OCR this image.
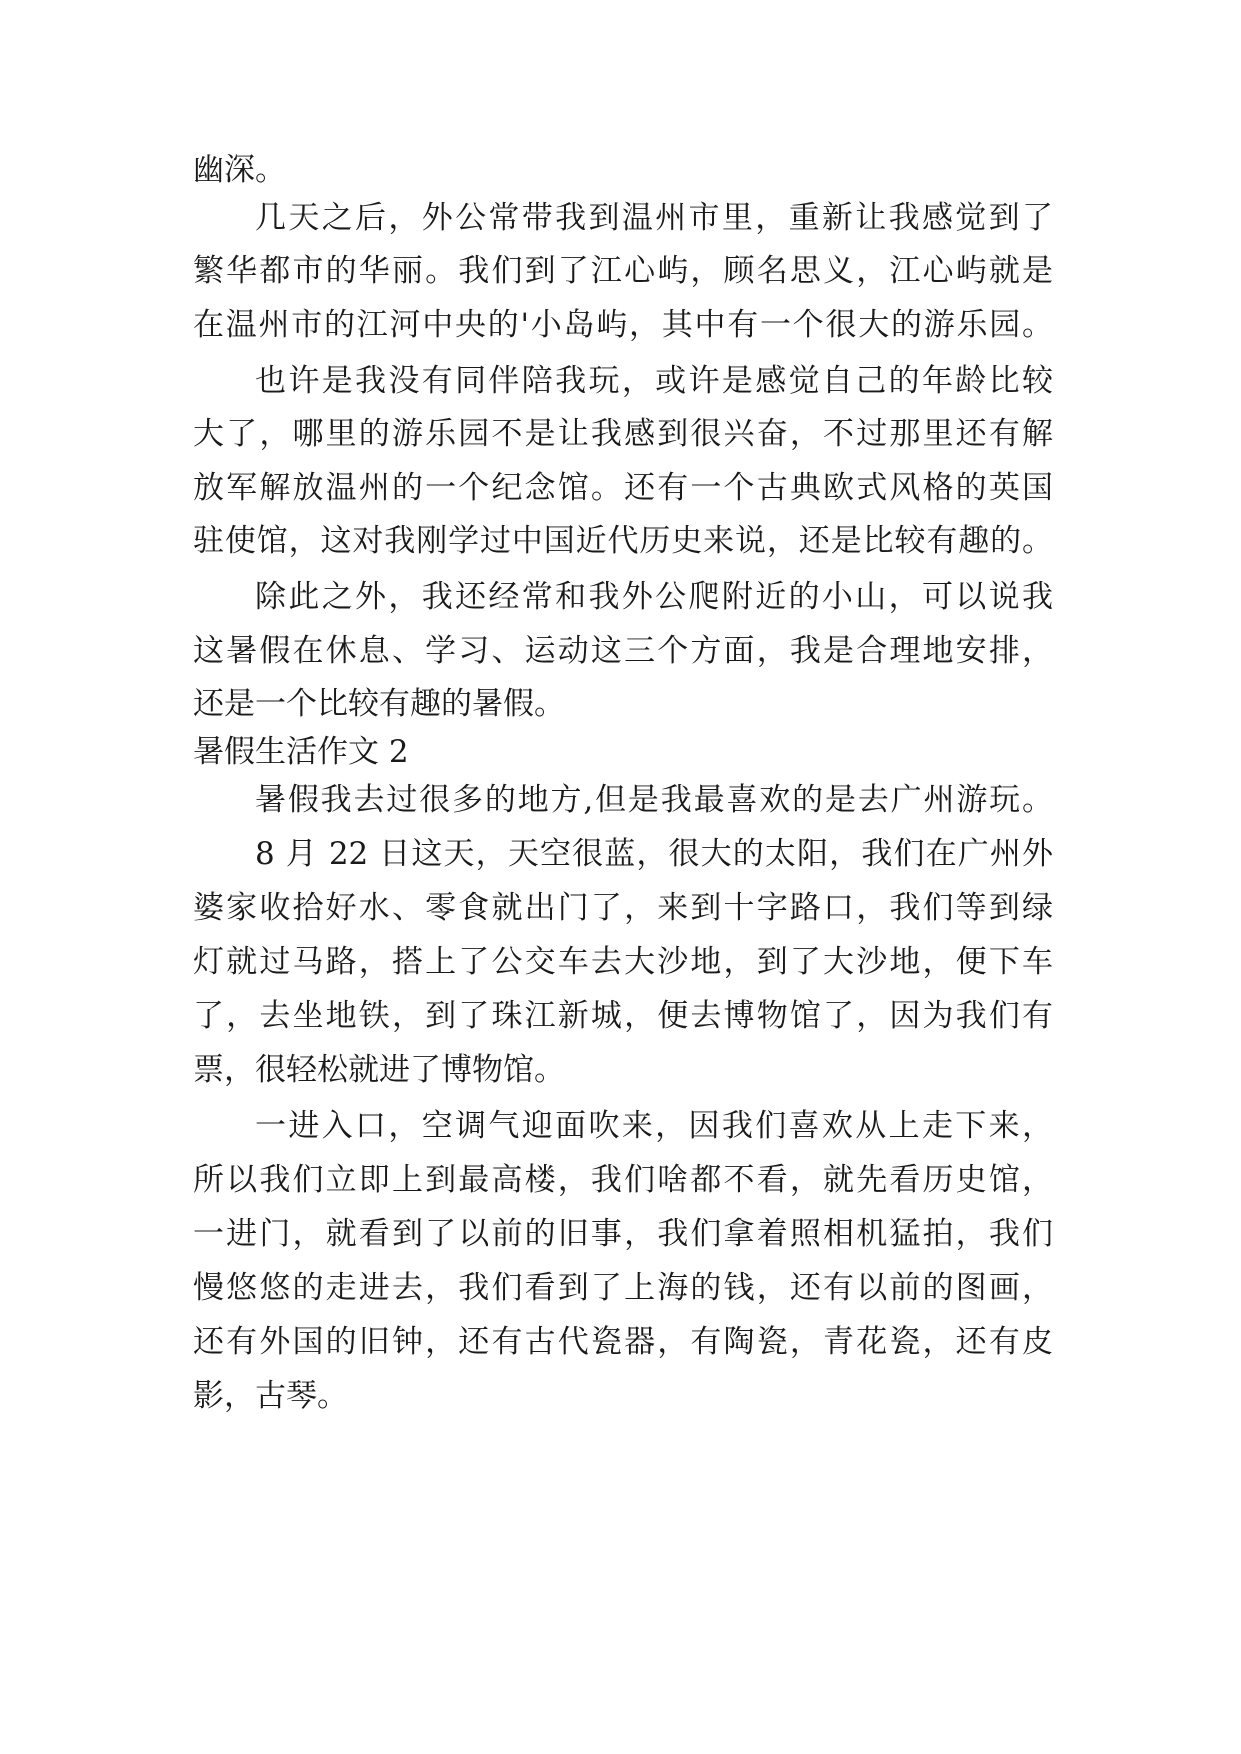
幽深。
几天之后，外公常带我到温州市里，重新让我感觉到了
繁华都市的华丽。我们到了江心屿，顾名思义，江心屿就是
在温州市的江河中央的'小岛屿，其中有一个很大的游乐园。
也许是我没有同伴陪我玩，或许是感觉自己的年龄比较
大了，哪里的游乐园不是让我感到很兴奋，不过那里还有解
放军解放温州的一个纪念馆。还有一个古典欧式风格的英国
驻使馆，这对我刚学过中国近代历史来说，还是比较有趣的。
除此之外，我还经常和我外公爬附近的小山，可以说我
这暑假在休息、学习、运动这三个方面，我是合理地安排，
还是一个比较有趣的暑假。
暑假生活作文 2
暑假我去过很多的地方,但是我最喜欢的是去广州游玩。
8 月 22 日这天，天空很蓝，很大的太阳，我们在广州外
婆家收拾好水、零食就出门了，来到十字路口，我们等到绿
灯就过马路，搭上了公交车去大沙地，到了大沙地，便下车
了，去坐地铁，到了珠江新城，便去博物馆了，因为我们有
票，很轻松就进了博物馆。
一进入口，空调气迎面吹来，因我们喜欢从上走下来，
所以我们立即上到最高楼，我们啥都不看，就先看历史馆，
一进门，就看到了以前的旧事，我们拿着照相机猛拍，我们
慢悠悠的走进去，我们看到了上海的钱，还有以前的图画，
还有外国的旧钟，还有古代瓷器，有陶瓷，青花瓷，还有皮
影，古琴。
